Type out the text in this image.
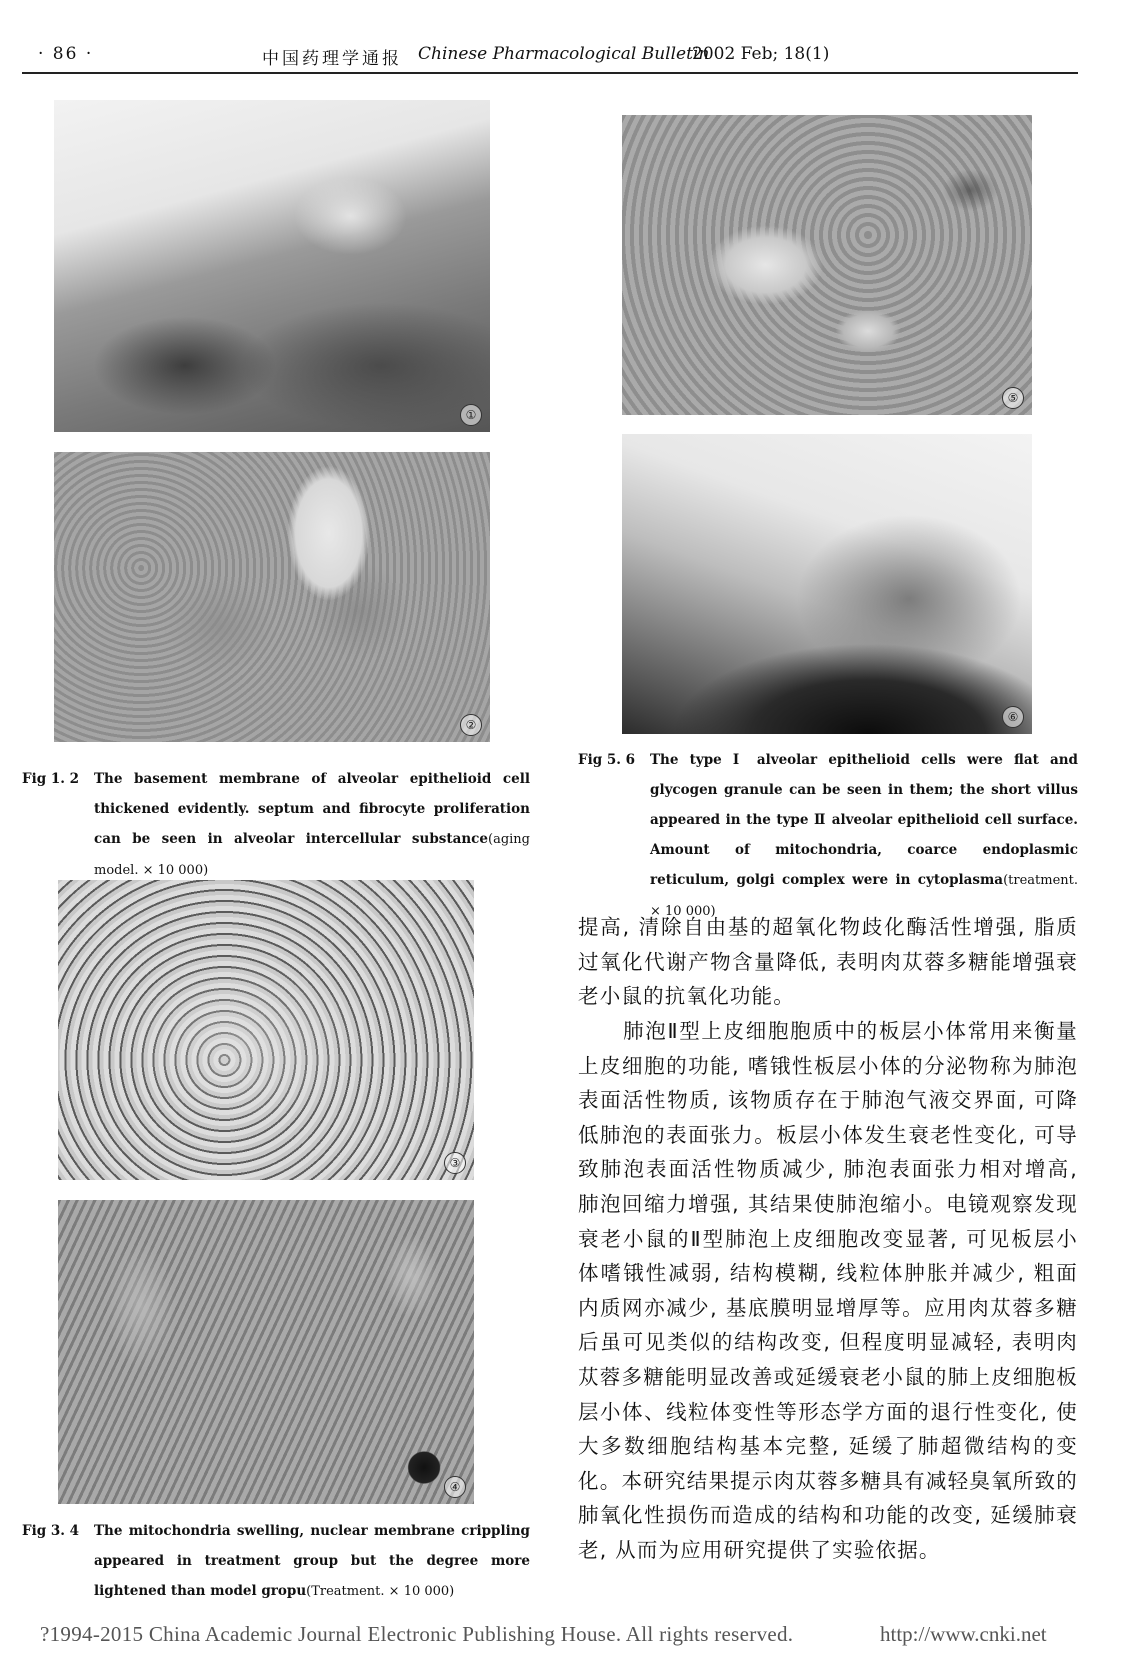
· 86 ·	中国药理学通报 Chinese Pharmacological Bulletin
2002 Feb; 18(1)
①
②
③
④
⑤
⑥
Fig 1. 2 The basement membrane of alveolar epithelioid cell thickened evidently. septum and fibrocyte proliferation can be seen in alveolar intercellular substance(aging model. × 10 000)
Fig 5. 6 The type Ⅰ alveolar epithelioid cells were flat and glycogen granule can be seen in them; the short villus appeared in the type Ⅱ alveolar epithelioid cell surface. Amount of mitochondria, coarce endoplasmic reticulum, golgi complex were in cytoplasma(treatment. × 10 000)
Fig 3. 4 The mitochondria swelling, nuclear membrane crippling appeared in treatment group but the degree more lightened than model gropu(Treatment. × 10 000)
提高, 清除自由基的超氧化物歧化酶活性增强, 脂质过氧化代谢产物含量降低, 表明肉苁蓉多糖能增强衰老小鼠的抗氧化功能。
肺泡Ⅱ型上皮细胞胞质中的板层小体常用来衡量上皮细胞的功能, 嗜锇性板层小体的分泌物称为肺泡表面活性物质, 该物质存在于肺泡气液交界面, 可降低肺泡的表面张力。板层小体发生衰老性变化, 可导致肺泡表面活性物质减少, 肺泡表面张力相对增高, 肺泡回缩力增强, 其结果使肺泡缩小。电镜观察发现衰老小鼠的Ⅱ型肺泡上皮细胞改变显著, 可见板层小体嗜锇性减弱, 结构模糊, 线粒体肿胀并减少, 粗面内质网亦减少, 基底膜明显增厚等。应用肉苁蓉多糖后虽可见类似的结构改变, 但程度明显减轻, 表明肉苁蓉多糖能明显改善或延缓衰老小鼠的肺上皮细胞板层小体、线粒体变性等形态学方面的退行性变化, 使大多数细胞结构基本完整, 延缓了肺超微结构的变化。本研究结果提示肉苁蓉多糖具有减轻臭氧所致的肺氧化性损伤而造成的结构和功能的改变, 延缓肺衰老, 从而为应用研究提供了实验依据。
?1994-2015 China Academic Journal Electronic Publishing House. All rights reserved.	http://www.cnki.net
